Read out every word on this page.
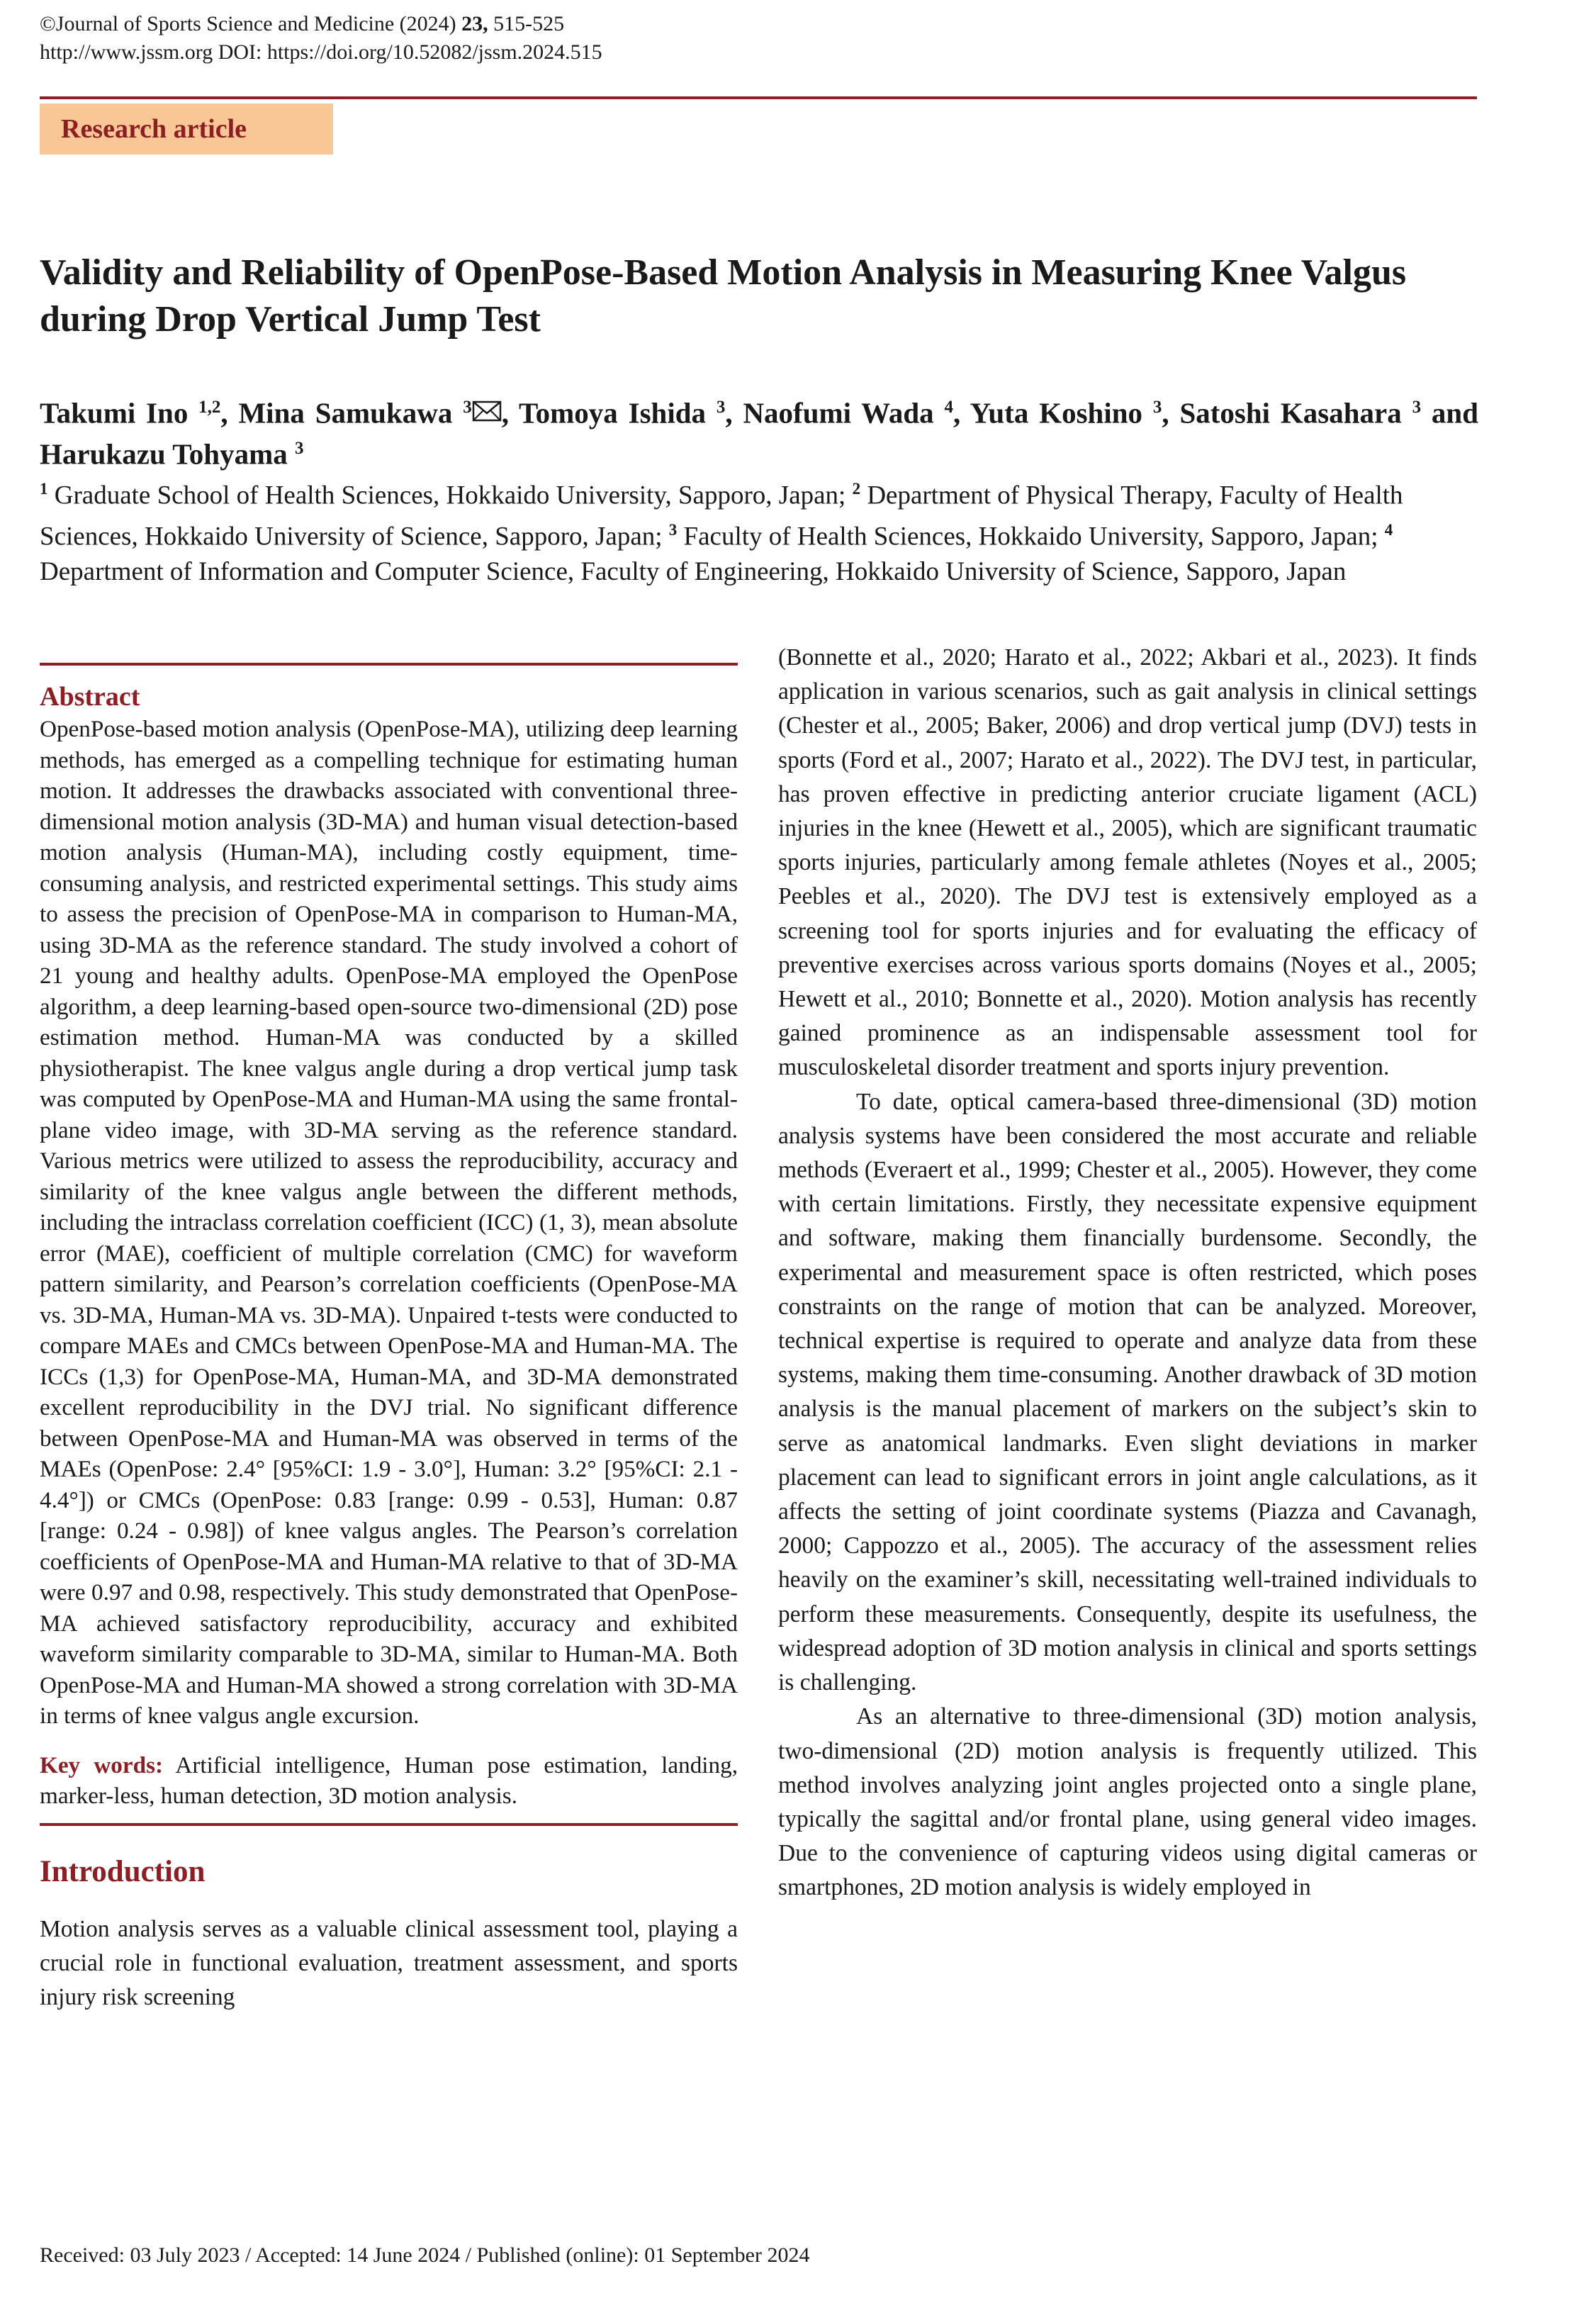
©Journal of Sports Science and Medicine (2024) 23, 515-525
http://www.jssm.org DOI: https://doi.org/10.52082/jssm.2024.515
Research article
Validity and Reliability of OpenPose-Based Motion Analysis in Measuring Knee Valgus during Drop Vertical Jump Test
Takumi Ino $^{1,2}$, Mina Samukawa $^3$ , Tomoya Ishida $^3$, Naofumi Wada $^4$, Yuta Koshino $^3$, Satoshi Kasahara $^3$ and Harukazu Tohyama $^3$
$^1$ Graduate School of Health Sciences, Hokkaido University, Sapporo, Japan; $^2$ Department of Physical Therapy, Faculty of Health Sciences, Hokkaido University of Science, Sapporo, Japan; $^3$ Faculty of Health Sciences, Hokkaido University, Sapporo, Japan; $^4$ Department of Information and Computer Science, Faculty of Engineering, Hokkaido University of Science, Sapporo, Japan
Abstract

OpenPose-based motion analysis (OpenPose-MA), utilizing deep learning methods, has emerged as a compelling technique for estimating human motion. It addresses the drawbacks associated with conventional three-dimensional motion analysis (3D-MA) and human visual detection-based motion analysis (Human-MA), including costly equipment, time-consuming analysis, and restricted experimental settings. This study aims to assess the precision of OpenPose-MA in comparison to Human-MA, using 3D-MA as the reference standard. The study involved a cohort of 21 young and healthy adults. OpenPose-MA employed the OpenPose algorithm, a deep learning-based open-source two-dimensional (2D) pose estimation method. Human-MA was conducted by a skilled physiotherapist. The knee valgus angle during a drop vertical jump task was computed by OpenPose-MA and Human-MA using the same frontal-plane video image, with 3D-MA serving as the reference standard. Various metrics were utilized to assess the reproducibility, accuracy and similarity of the knee valgus angle between the different methods, including the intraclass correlation coefficient (ICC) (1, 3), mean absolute error (MAE), coefficient of multiple correlation (CMC) for waveform pattern similarity, and Pearson’s correlation coefficients (OpenPose-MA vs. 3D-MA, Human-MA vs. 3D-MA). Unpaired t-tests were conducted to compare MAEs and CMCs between OpenPose-MA and Human-MA. The ICCs (1,3) for OpenPose-MA, Human-MA, and 3D-MA demonstrated excellent reproducibility in the DVJ trial. No significant difference between OpenPose-MA and Human-MA was observed in terms of the MAEs (OpenPose: 2.4° [95%CI: 1.9 - 3.0°], Human: 3.2° [95%CI: 2.1 - 4.4°]) or CMCs (OpenPose: 0.83 [range: 0.99 - 0.53], Human: 0.87 [range: 0.24 - 0.98]) of knee valgus angles. The Pearson’s correlation coefficients of OpenPose-MA and Human-MA relative to that of 3D-MA were 0.97 and 0.98, respectively. This study demonstrated that OpenPose-MA achieved satisfactory reproducibility, accuracy and exhibited waveform similarity comparable to 3D-MA, similar to Human-MA. Both OpenPose-MA and Human-MA showed a strong correlation with 3D-MA in terms of knee valgus angle excursion.

Key words: Artificial intelligence, Human pose estimation, landing, marker-less, human detection, 3D motion analysis.

Introduction

Motion analysis serves as a valuable clinical assessment tool, playing a crucial role in functional evaluation, treatment assessment, and sports injury risk screening

(Bonnette et al., 2020; Harato et al., 2022; Akbari et al., 2023). It finds application in various scenarios, such as gait analysis in clinical settings (Chester et al., 2005; Baker, 2006) and drop vertical jump (DVJ) tests in sports (Ford et al., 2007; Harato et al., 2022). The DVJ test, in particular, has proven effective in predicting anterior cruciate ligament (ACL) injuries in the knee (Hewett et al., 2005), which are significant traumatic sports injuries, particularly among female athletes (Noyes et al., 2005; Peebles et al., 2020). The DVJ test is extensively employed as a screening tool for sports injuries and for evaluating the efficacy of preventive exercises across various sports domains (Noyes et al., 2005; Hewett et al., 2010; Bonnette et al., 2020). Motion analysis has recently gained prominence as an indispensable assessment tool for musculoskeletal disorder treatment and sports injury prevention.

To date, optical camera-based three-dimensional (3D) motion analysis systems have been considered the most accurate and reliable methods (Everaert et al., 1999; Chester et al., 2005). However, they come with certain limitations. Firstly, they necessitate expensive equipment and software, making them financially burdensome. Secondly, the experimental and measurement space is often restricted, which poses constraints on the range of motion that can be analyzed. Moreover, technical expertise is required to operate and analyze data from these systems, making them time-consuming. Another drawback of 3D motion analysis is the manual placement of markers on the subject’s skin to serve as anatomical landmarks. Even slight deviations in marker placement can lead to significant errors in joint angle calculations, as it affects the setting of joint coordinate systems (Piazza and Cavanagh, 2000; Cappozzo et al., 2005). The accuracy of the assessment relies heavily on the examiner’s skill, necessitating well-trained individuals to perform these measurements. Consequently, despite its usefulness, the widespread adoption of 3D motion analysis in clinical and sports settings is challenging.

As an alternative to three-dimensional (3D) motion analysis, two-dimensional (2D) motion analysis is frequently utilized. This method involves analyzing joint angles projected onto a single plane, typically the sagittal and/or frontal plane, using general video images. Due to the convenience of capturing videos using digital cameras or smartphones, 2D motion analysis is widely employed in

Received: 03 July 2023 / Accepted: 14 June 2024 / Published (online): 01 September 2024
